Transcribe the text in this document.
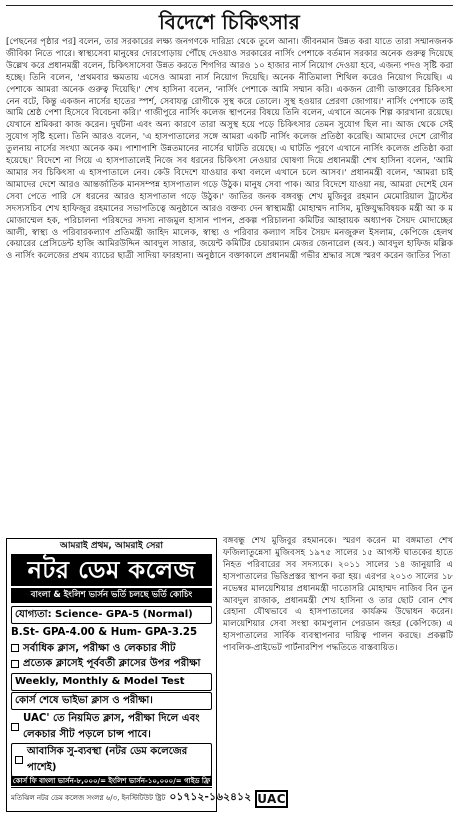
বিদেশে চিকিৎসার

[পেছনের পৃষ্ঠার পর] বলেন, তার সরকারের লক্ষ্য জনগণকে দারিদ্র্য থেকে তুলে আনা। জীবনমান উন্নত করা যাতে তারা সম্মানজনক জীবিকা নিতে পারে। স্বাস্থ্যসেবা মানুষের দোরগোড়ায় পৌঁছে দেওয়াও সরকারের নার্সিং পেশাকে বর্তমান সরকার অনেক গুরুত্ব দিয়েছে উল্লেখ করে প্রধানমন্ত্রী বলেন, চিকিৎসাসেবা উন্নত করতে শিগগির আরও ১০ হাজার নার্স নিয়োগ দেওয়া হবে, এজন্য পদও সৃষ্টি করা হচ্ছে। তিনি বলেন, 'প্রথমবার ক্ষমতায় এসেও আমরা নার্স নিয়োগ দিয়েছি। অনেক নীতিমালা শিথিল করেও নিয়োগ দিয়েছি। এ পেশাকে আমরা অনেক গুরুত্ব দিয়েছি।' শেখ হাসিনা বলেন, 'নার্সিং পেশাকে আমি সম্মান করি। একজন রোগী ডাক্তারের চিকিৎসা নেন বটে, কিন্তু একজন নার্সের হাতের স্পর্শ, সেবাযত্ন রোগীকে সুস্থ করে তোলে। সুস্থ হওয়ার প্রেরণা জোগায়।' নার্সিং পেশাকে তাই আমি শ্রেষ্ঠ পেশা হিসেবে বিবেচনা করি।' গাজীপুরে নার্সিং কলেজ স্থাপনের বিষয়ে তিনি বলেন, এখানে অনেক শিল্প কারখানা রয়েছে। যেখানে শ্রমিকরা কাজ করেন। দুর্ঘটনা এবং অন্য কারণে তারা অসুস্থ হয়ে পড়ে চিকিৎসার তেমন সুযোগ ছিল না। আজ থেকে সেই সুযোগ সৃষ্টি হলো। তিনি আরও বলেন, 'এ হাসপাতালের সঙ্গে আমরা একটি নার্সিং কলেজ প্রতিষ্ঠা করেছি। আমাদের দেশে রোগীর তুলনায় নার্সের সংখ্যা অনেক কম। পাশাপাশি উন্নতমানের নার্সের ঘাটতি রয়েছে। এ ঘাটতি পূরণে এখানে নার্সিং কলেজ প্রতিষ্ঠা করা হয়েছে।' বিদেশে না গিয়ে এ হাসপাতালেই নিজে সব ধরনের চিকিৎসা নেওয়ার ঘোষণা দিয়ে প্রধানমন্ত্রী শেখ হাসিনা বলেন, 'আমি আমার সব চিকিৎসা এ হাসপাতালে নেব। কেউ বিদেশে যাওয়ার কথা বললে এখানে চলে আসব।' প্রধানমন্ত্রী বলেন, 'আমরা চাই আমাদের দেশে আরও আন্তর্জাতিক মানসম্পন্ন হাসপাতাল গড়ে উঠুক। মানুষ সেবা পাক। আর বিদেশে যাওয়া নয়, আমরা দেশেই যেন সেবা পেতে পারি সে ধরনের আরও হাসপাতাল গড়ে উঠুক।' জাতির জনক বঙ্গবন্ধু শেখ মুজিবুর রহমান মেমোরিয়াল ট্রাস্টের সদস্যসচিব শেখ হাফিজুর রহমানের সভাপতিত্বে অনুষ্ঠানে আরও বক্তব্য দেন স্বাস্থ্যমন্ত্রী মোহাম্মদ নাসিম, মুক্তিযুদ্ধবিষয়ক মন্ত্রী আ ক ম মোজাম্মেল হক, পরিচালনা পরিষদের সদস্য নাজমুল হাসান পাপন, প্রকল্প পরিচালনা কমিটির আহ্বায়ক অধ্যাপক সৈয়দ মোদাচ্ছের আলী, স্বাস্থ্য ও পরিবারকল্যাণ প্রতিমন্ত্রী জাহিদ মালেক, স্বাস্থ্য ও পরিবার কল্যাণ সচিব সৈয়দ মনজুরুল ইসলাম, কেপিজে হেলথ কেয়ারের প্রেসিডেন্ট হাজি আমিরউদ্দিন আবদুল সাত্তার, জয়েন্ট কমিটির চেয়ারম্যান মেজর জেনারেল (অব.) আবদুল হাফিজ মল্লিক ও নার্সিং কলেজের প্রথম ব্যাচের ছাত্রী সাদিয়া ফারহানা। অনুষ্ঠানে বক্তাকালে প্রধানমন্ত্রী গভীর শ্রদ্ধার সঙ্গে স্মরণ করেন জাতির পিতা

আমরাই প্রথম, আমরাই সেরা
নটর ডেম কলেজ
বাংলা & ইংলিশ ভার্সন ভর্তি চলছে ভর্তি কোচিং
যোগ্যতা: Science- GPA-5 (Normal)
B.St- GPA-4.00 & Hum- GPA-3.25
সর্বাধিক ক্লাস, পরীক্ষা ও লেকচার সীট
প্রত্যেক ক্লাসেই পূর্ববর্তী ক্লাসের উপর পরীক্ষা
Weekly, Monthly & Model Test
কোর্স শেষে ভাইভা ক্লাস ও পরীক্ষা।
UAC' তে নিয়মিত ক্লাস, পরীক্ষা দিলে এবং লেকচার সীট পড়লে চান্স পাবে।
আবাসিক সু-ব্যবস্থা (নটর ডেম কলেজের পাশেই)
কোর্স ফি বাংলা ভার্সন-৮,০০০/= ইংলিশ ভার্সন-১০,০০০/= গাইড ফ্রি
মতিঝিল নটর ডেম কলেজ সংলগ্ন ৬/৩, ইনস্টিটিউট ষ্ট্রিট ০১৭১২-১৬২৪১২ UAC

বঙ্গবন্ধু শেখ মুজিবুর রহমানকে। স্মরণ করেন মা বঙ্গমাতা শেখ ফজিলাতুন্নেসা মুজিবসহ ১৯৭৫ সালের ১৫ আগস্ট ঘাতকের হাতে নিহত পরিবারের সব সদস্যকে। ২০১১ সালের ১৪ জানুয়ারি এ হাসপাতালের ভিত্তিপ্রস্তর স্থাপন করা হয়। এরপর ২০১৩ সালের ১৮ নভেম্বর মালয়েশিয়ার প্রধানমন্ত্রী দাতোসরি মোহাম্মদ নাজিব বিন তুন আবদুল রাজাক, প্রধানমন্ত্রী শেখ হাসিনা ও তার ছোট বোন শেখ রেহানা যৌথভাবে এ হাসপাতালের কার্যক্রম উদ্বোধন করেন। মালয়েশিয়ার সেবা সংস্থা কামপুলান পেরডান জহর (কেপিজে) এ হাসপাতালের সার্বিক ব্যবস্থাপনার দায়িত্ব পালন করছে। প্রকল্পটি পাবলিক-প্রাইভেট পার্টনারশিপ পদ্ধতিতে বাস্তবায়িত।
